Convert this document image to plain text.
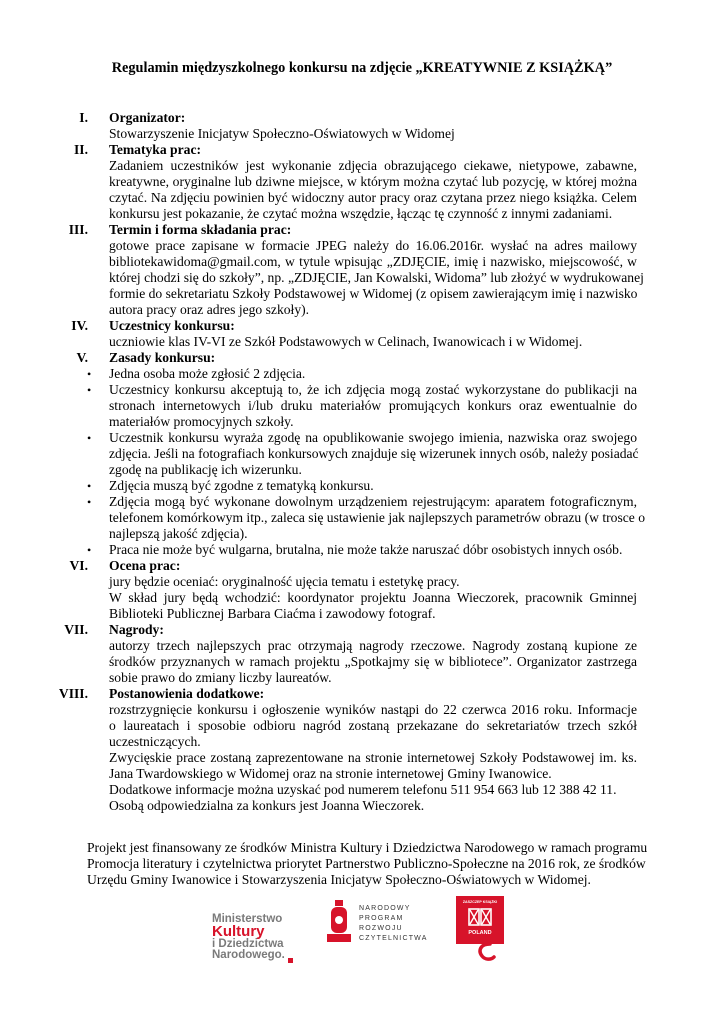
Regulamin międzyszkolnego konkursu na zdjęcie „KREATYWNIE Z KSIĄŻKĄ”
I. Organizator:
Stowarzyszenie Inicjatyw Społeczno-Oświatowych w Widomej
II. Tematyka prac:
Zadaniem uczestników jest wykonanie zdjęcia obrazującego ciekawe, nietypowe, zabawne,
kreatywne, oryginalne lub dziwne miejsce, w którym można czytać lub pozycję, w której można
czytać. Na zdjęciu powinien być widoczny autor pracy oraz czytana przez niego książka. Celem
konkursu jest pokazanie, że czytać można wszędzie, łącząc tę czynność z innymi zadaniami.
III. Termin i forma składania prac:
gotowe prace zapisane w formacie JPEG należy do 16.06.2016r. wysłać na adres mailowy
bibliotekawidoma@gmail.com, w tytule wpisując „ZDJĘCIE, imię i nazwisko, miejscowość, w
której chodzi się do szkoły”, np. „ZDJĘCIE, Jan Kowalski, Widoma” lub złożyć w wydrukowanej
formie do sekretariatu Szkoły Podstawowej w Widomej (z opisem zawierającym imię i nazwisko
autora pracy oraz adres jego szkoły).
IV. Uczestnicy konkursu:
uczniowie klas IV-VI ze Szkół Podstawowych w Celinach, Iwanowicach i w Widomej.
V. Zasady konkursu:
• Jedna osoba może zgłosić 2 zdjęcia.
• Uczestnicy konkursu akceptują to, że ich zdjęcia mogą zostać wykorzystane do publikacji na
stronach internetowych i/lub druku materiałów promujących konkurs oraz ewentualnie do
materiałów promocyjnych szkoły.
• Uczestnik konkursu wyraża zgodę na opublikowanie swojego imienia, nazwiska oraz swojego
zdjęcia. Jeśli na fotografiach konkursowych znajduje się wizerunek innych osób, należy posiadać
zgodę na publikację ich wizerunku.
• Zdjęcia muszą być zgodne z tematyką konkursu.
• Zdjęcia mogą być wykonane dowolnym urządzeniem rejestrującym: aparatem fotograficznym,
telefonem komórkowym itp., zaleca się ustawienie jak najlepszych parametrów obrazu (w trosce o
najlepszą jakość zdjęcia).
• Praca nie może być wulgarna, brutalna, nie może także naruszać dóbr osobistych innych osób.
VI. Ocena prac:
jury będzie oceniać: oryginalność ujęcia tematu i estetykę pracy.
W skład jury będą wchodzić: koordynator projektu Joanna Wieczorek, pracownik Gminnej
Biblioteki Publicznej Barbara Ciaćma i zawodowy fotograf.
VII. Nagrody:
autorzy trzech najlepszych prac otrzymają nagrody rzeczowe. Nagrody zostaną kupione ze
środków przyznanych w ramach projektu „Spotkajmy się w bibliotece”. Organizator zastrzega
sobie prawo do zmiany liczby laureatów.
VIII. Postanowienia dodatkowe:
rozstrzygnięcie konkursu i ogłoszenie wyników nastąpi do 22 czerwca 2016 roku. Informacje
o laureatach i sposobie odbioru nagród zostaną przekazane do sekretariatów trzech szkół
uczestniczących.
Zwycięskie prace zostaną zaprezentowane na stronie internetowej Szkoły Podstawowej im. ks.
Jana Twardowskiego w Widomej oraz na stronie internetowej Gminy Iwanowice.
Dodatkowe informacje można uzyskać pod numerem telefonu 511 954 663 lub 12 388 42 11.
Osobą odpowiedzialna za konkurs jest Joanna Wieczorek.
Projekt jest finansowany ze środków Ministra Kultury i Dziedzictwa Narodowego w ramach programu
Promocja literatury i czytelnictwa priorytet Partnerstwo Publiczno-Społeczne na 2016 rok, ze środków
Urzędu Gminy Iwanowice i Stowarzyszenia Inicjatyw Społeczno-Oświatowych w Widomej.
Ministerstwo
Kultury
i Dziedzictwa
Narodowego.
NARODOWY
PROGRAM
ROZWOJU
CZYTELNICTWA
ZASZCZEP KSIĄŻKI
POLAND
